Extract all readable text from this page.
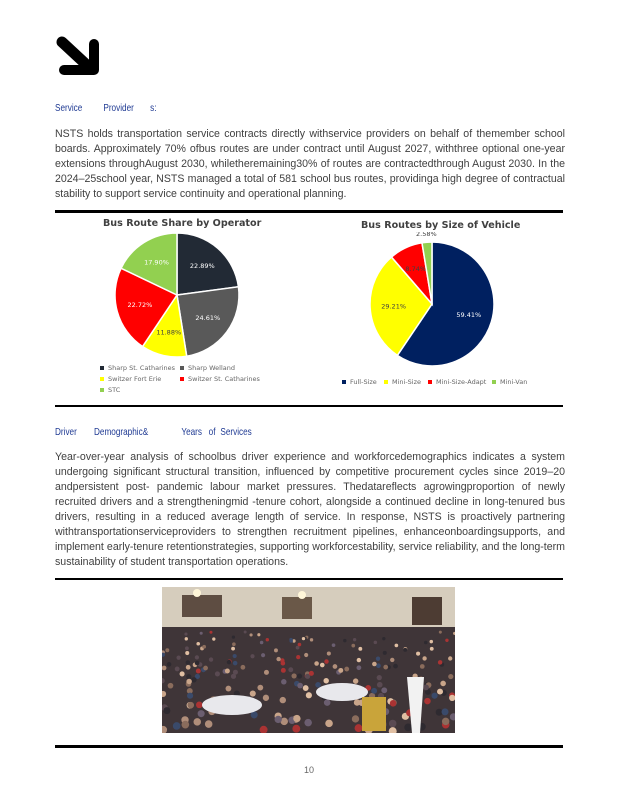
Service Provider s:
NSTS holds transportation service contracts directly withservice providers on behalf of themember school boards. Approximately 70% ofbus routes are under contract until August 2027, withthree optional one-year extensions throughAugust 2030, whiletheremaining30% of routes are contractedthrough August 2030. In the 2024–25school year, NSTS managed a total of 581 school bus routes, providinga high degree of contractual stability to support service continuity and operational planning.
Bus Route Share by Operator
22.89%
24.61%
11.88%
22.72%
17.90%
Sharp St. Catharines	Sharp Welland
Switzer Fort Erie	Switzer St. Catharines
STC
Bus Routes by Size of Vehicle
59.41%
29.21%
8.74%
2.58%
Full-Size	Mini-Size	Mini-Size-Adapt	Mini-Van
Driver Demographic&	Years of Services
Year-over-year analysis of schoolbus driver experience and workforcedemographics indicates a system undergoing significant structural transition, influenced by competitive procurement cycles since 2019–20 andpersistent post- pandemic labour market pressures. Thedatareflects agrowingproportion of newly recruited drivers and a strengtheningmid -tenure cohort, alongside a continued decline in long-tenured bus drivers, resulting in a reduced average length of service. In response, NSTS is proactively partnering withtransportationserviceproviders to strengthen recruitment pipelines, enhanceonboardingsupports, and implement early-tenure retentionstrategies, supporting workforcestability, service reliability, and the long-term sustainability of student transportation operations.
10
